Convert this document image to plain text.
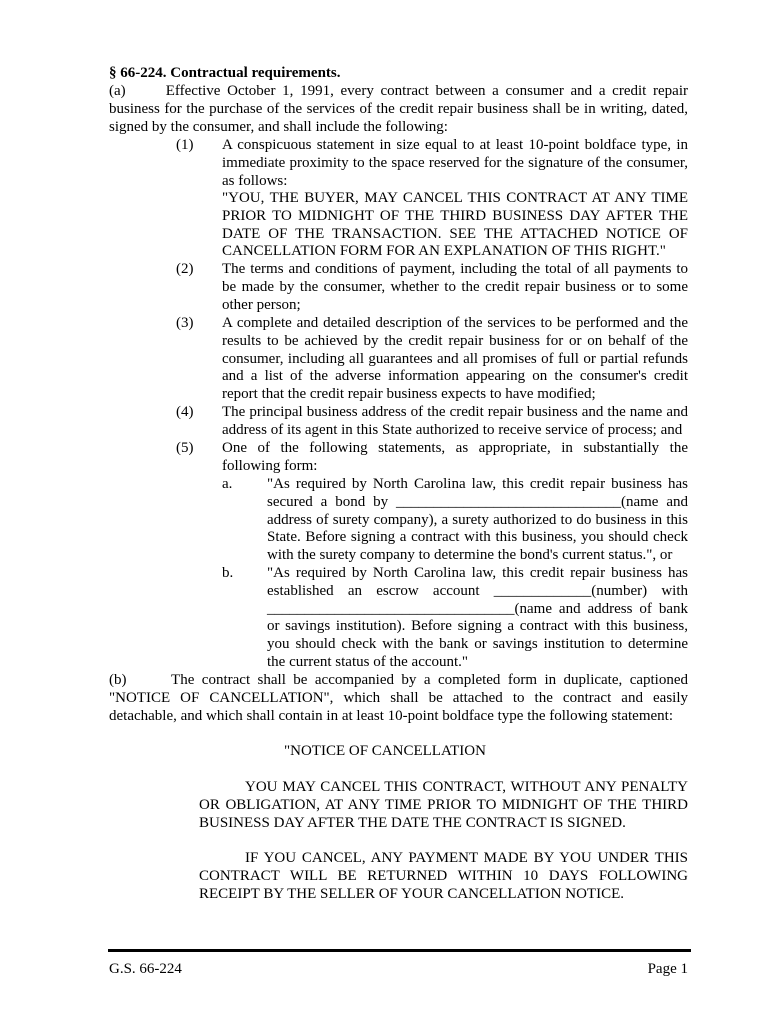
§ 66-224. Contractual requirements.
(a)      Effective October 1, 1991, every contract between a consumer and a credit repair business for the purchase of the services of the credit repair business shall be in writing, dated, signed by the consumer, and shall include the following:
(1)	A conspicuous statement in size equal to at least 10-point boldface type, in immediate proximity to the space reserved for the signature of the consumer, as follows:
"YOU, THE BUYER, MAY CANCEL THIS CONTRACT AT ANY TIME PRIOR TO MIDNIGHT OF THE THIRD BUSINESS DAY AFTER THE DATE OF THE TRANSACTION. SEE THE ATTACHED NOTICE OF CANCELLATION FORM FOR AN EXPLANATION OF THIS RIGHT."
(2)	The terms and conditions of payment, including the total of all payments to be made by the consumer, whether to the credit repair business or to some other person;
(3)	A complete and detailed description of the services to be performed and the results to be achieved by the credit repair business for or on behalf of the consumer, including all guarantees and all promises of full or partial refunds and a list of the adverse information appearing on the consumer's credit report that the credit repair business expects to have modified;
(4)	The principal business address of the credit repair business and the name and address of its agent in this State authorized to receive service of process; and
(5)	One of the following statements, as appropriate, in substantially the following form:
a.	"As required by North Carolina law, this credit repair business has secured a bond by ______________________________(name and address of surety company), a surety authorized to do business in this State. Before signing a contract with this business, you should check with the surety company to determine the bond's current status.", or
b.	"As required by North Carolina law, this credit repair business has established an escrow account _____________(number) with _________________________________(name and address of bank or savings institution). Before signing a contract with this business, you should check with the bank or savings institution to determine the current status of the account."
(b)      The contract shall be accompanied by a completed form in duplicate, captioned "NOTICE OF CANCELLATION", which shall be attached to the contract and easily detachable, and which shall contain in at least 10-point boldface type the following statement:
"NOTICE OF CANCELLATION
YOU MAY CANCEL THIS CONTRACT, WITHOUT ANY PENALTY OR OBLIGATION, AT ANY TIME PRIOR TO MIDNIGHT OF THE THIRD BUSINESS DAY AFTER THE DATE THE CONTRACT IS SIGNED.
IF YOU CANCEL, ANY PAYMENT MADE BY YOU UNDER THIS CONTRACT WILL BE RETURNED WITHIN 10 DAYS FOLLOWING RECEIPT BY THE SELLER OF YOUR CANCELLATION NOTICE.
G.S. 66-224	Page 1
